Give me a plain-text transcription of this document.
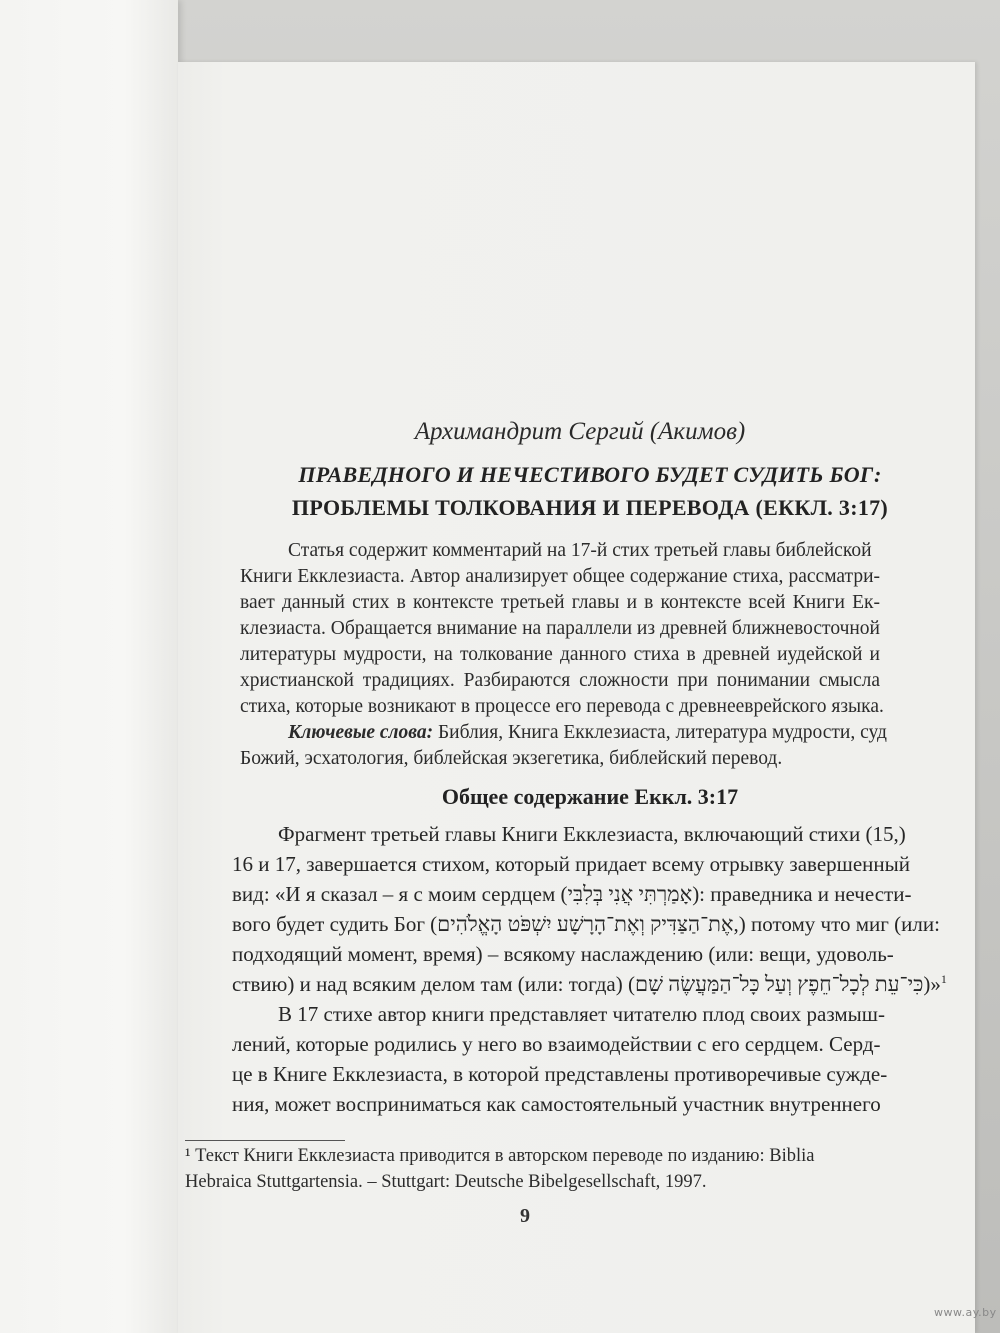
Архимандрит Сергий (Акимов)
ПРАВЕДНОГО И НЕЧЕСТИВОГО БУДЕТ СУДИТЬ БОГ:
ПРОБЛЕМЫ ТОЛКОВАНИЯ И ПЕРЕВОДА (ЕККЛ. 3:17)
Статья содержит комментарий на 17-й стих третьей главы библейской
Книги Екклезиаста. Автор анализирует общее содержание стиха, рассматри-
вает данный стих в контексте третьей главы и в контексте всей Книги Ек-
клезиаста. Обращается внимание на параллели из древней ближневосточной
литературы мудрости, на толкование данного стиха в древней иудейской и
христианской традициях. Разбираются сложности при понимании смысла
стиха, которые возникают в процессе его перевода с древнееврейского языка.
Ключевые слова: Библия, Книга Екклезиаста, литература мудрости, суд
Божий, эсхатология, библейская экзегетика, библейский перевод.
Общее содержание Еккл. 3:17
Фрагмент третьей главы Книги Екклезиаста, включающий стихи (15,)
16 и 17, завершается стихом, который придает всему отрывку завершенный
вид: «И я сказал – я с моим сердцем (אָמַרְתִּי אֲנִי בְּלִבִּי): праведника и нечести-
вого будет судить Бог (אֶת־הַצַּדִּיק וְאֶת־הָרָשָׁע יִשְׁפֹּט הָאֱלֹהִים,) потому что миг (или:
подходящий момент, время) – всякому наслаждению (или: вещи, удоволь-
ствию) и над всяким делом там (или: тогда) (כִּי־עֵת לְכָל־חֵפֶץ וְעַל כָּל־הַמַּעֲשֶׂה שָׁם)»$^1$
В 17 стихе автор книги представляет читателю плод своих размыш-
лений, которые родились у него во взаимодействии с его сердцем. Серд-
це в Книге Екклезиаста, в которой представлены противоречивые сужде-
ния, может восприниматься как самостоятельный участник внутреннего
¹ Текст Книги Екклезиаста приводится в авторском переводе по изданию: Biblia
Hebraica Stuttgartensia. – Stuttgart: Deutsche Bibelgesellschaft, 1997.
9
www.ay.by
